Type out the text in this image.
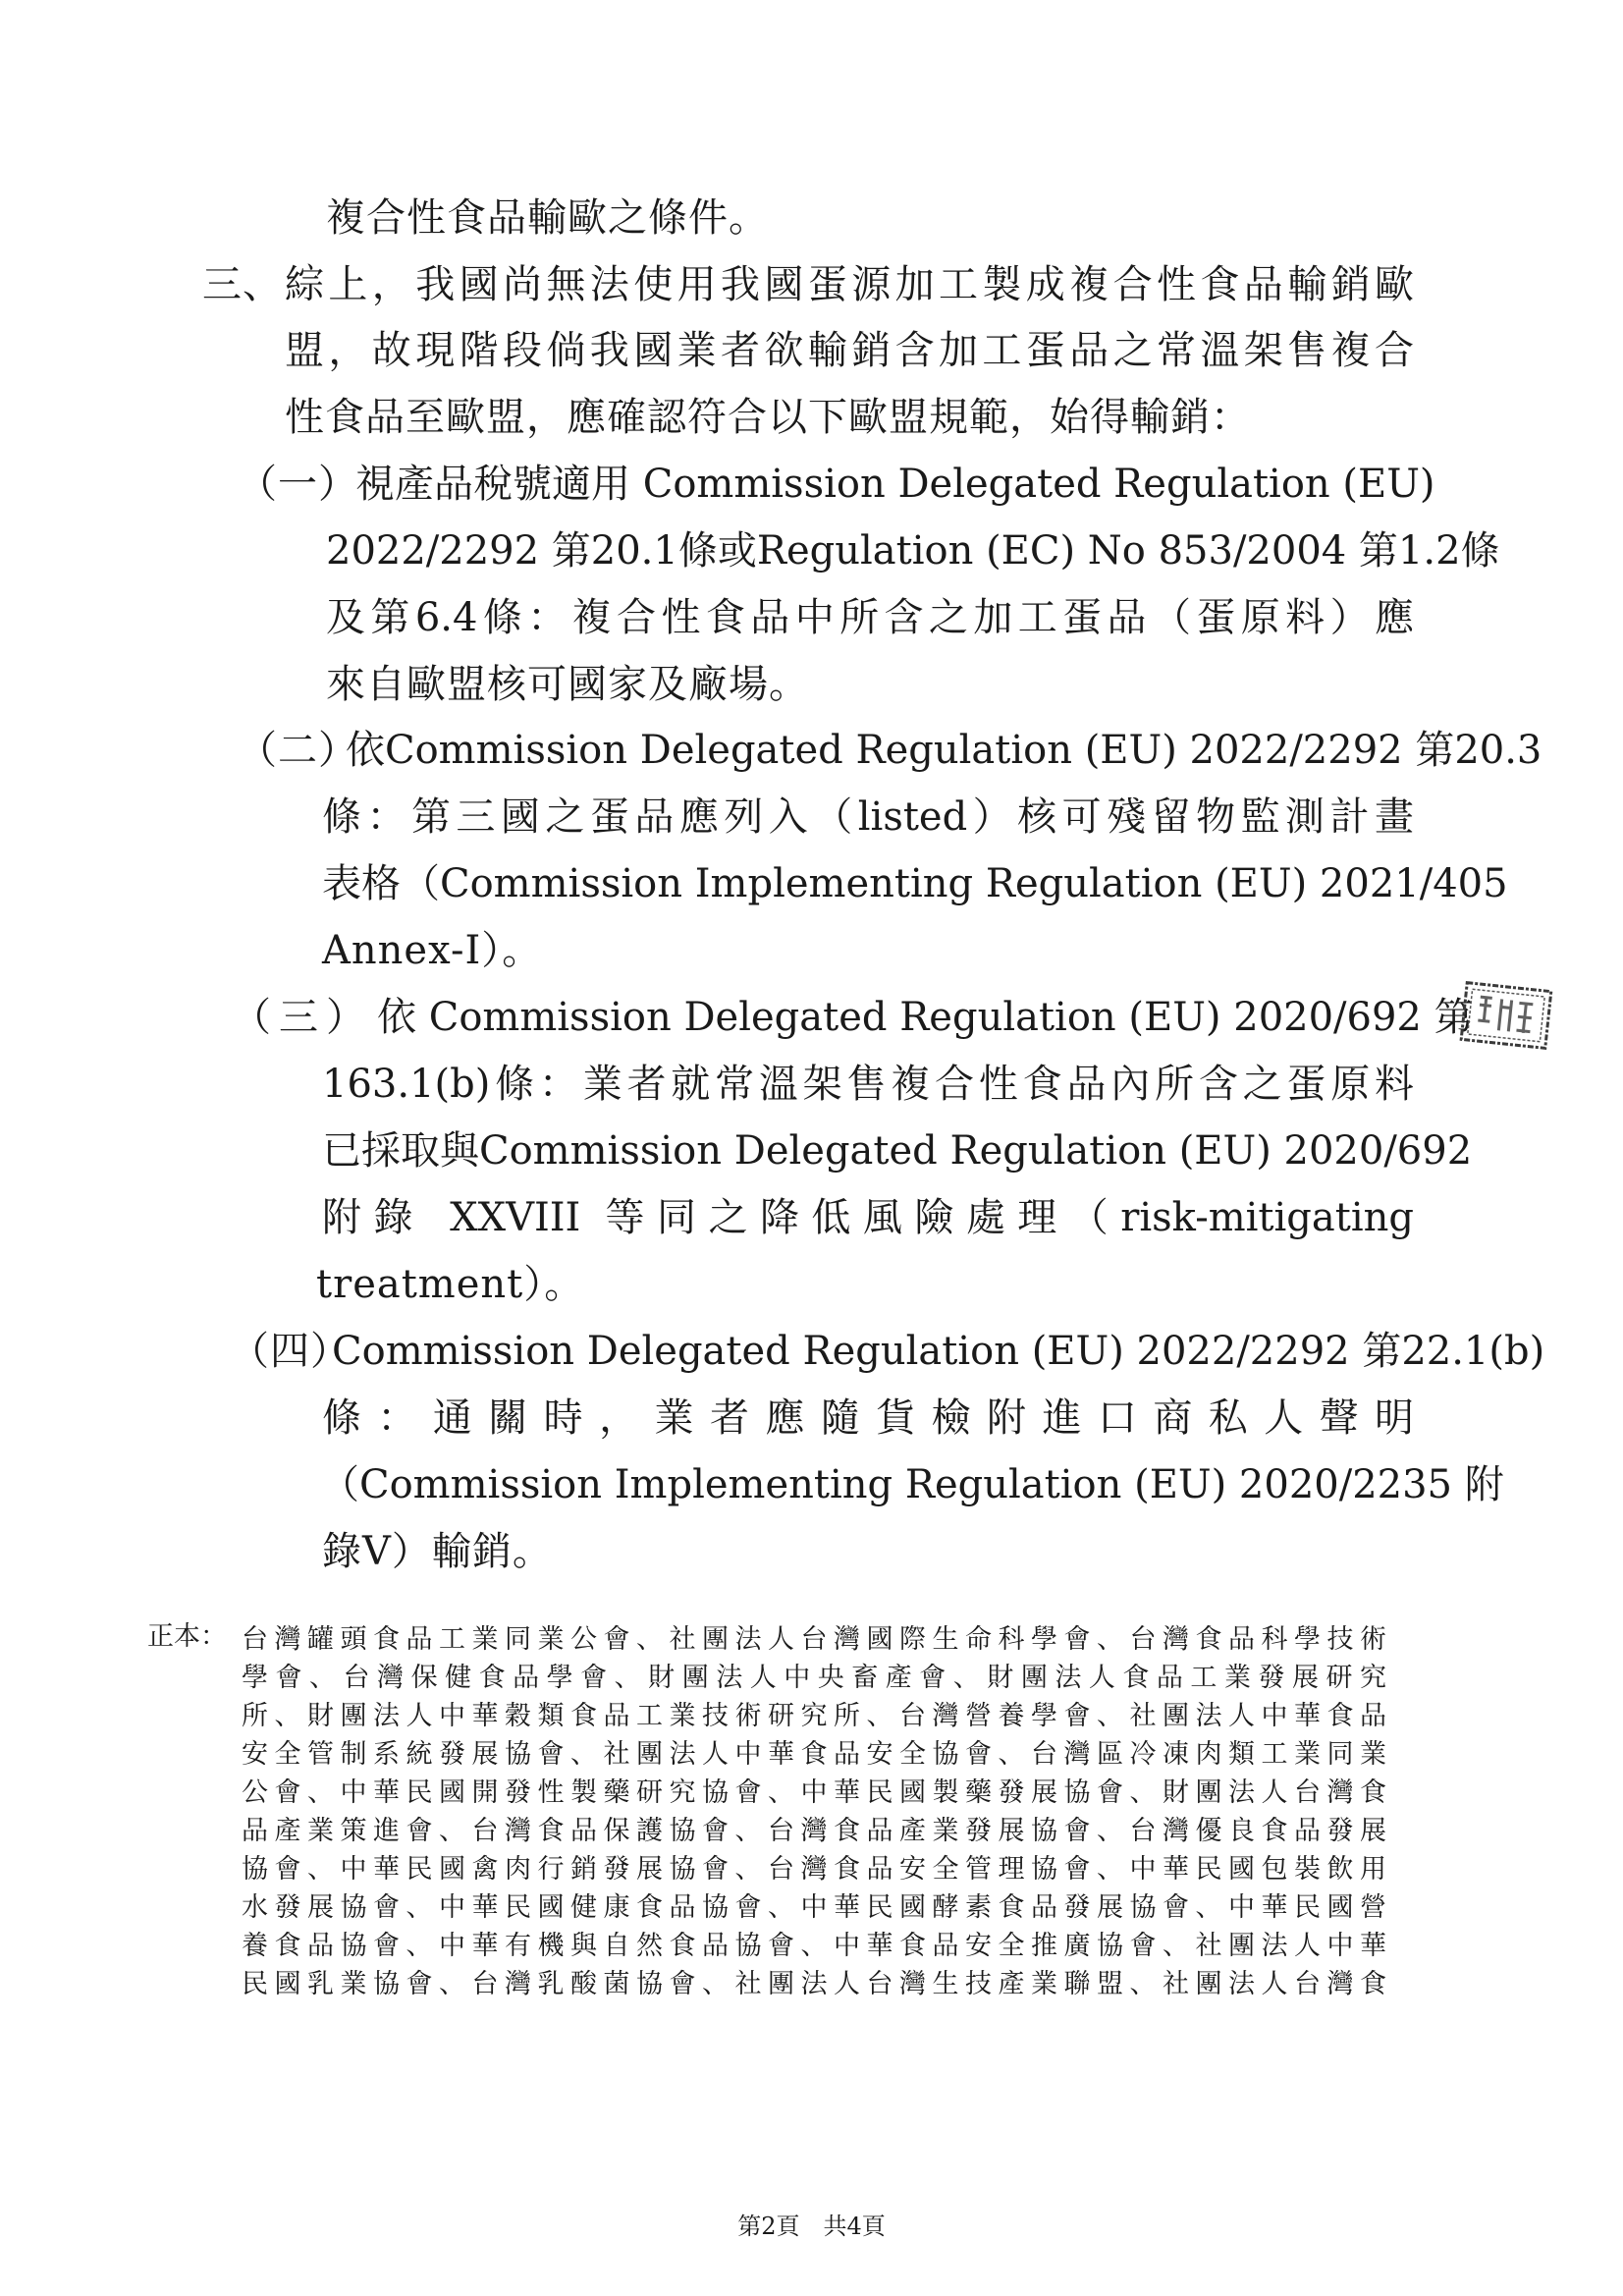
複合性食品輸歐之條件。
三、 綜上，我國尚無法使用我國蛋源加工製成複合性食品輸銷歐
盟，故現階段倘我國業者欲輸銷含加工蛋品之常溫架售複合
性食品至歐盟，應確認符合以下歐盟規範，始得輸銷：
（一）
視產品稅號適用 Commission Delegated Regulation (EU)
2022/2292 第20.1條或Regulation (EC) No 853/2004 第1.2條
及第6.4條：複合性食品中所含之加工蛋品（蛋原料）應
來自歐盟核可國家及廠場。
（二）
依Commission Delegated Regulation (EU) 2022/2292 第20.3
條：第三國之蛋品應列入（listed）核可殘留物監測計畫
表格（Commission Implementing Regulation (EU) 2021/405
Annex-I）。
（三） 依 Commission Delegated Regulation (EU) 2020/692 第
163.1(b)條：業者就常溫架售複合性食品內所含之蛋原料
已採取與Commission Delegated Regulation (EU) 2020/692
附錄 XXVIII 等同之降低風險處理（risk-mitigating
treatment）。
（四）
Commission Delegated Regulation (EU) 2022/2292 第22.1(b)
條：通關時，業者應隨貨檢附進口商私人聲明
（Commission Implementing Regulation (EU) 2020/2235 附
錄V）輸銷。
正本： 台灣罐頭食品工業同業公會、社團法人台灣國際生命科學會、台灣食品科學技術
學會、台灣保健食品學會、財團法人中央畜產會、財團法人食品工業發展研究
所、財團法人中華穀類食品工業技術研究所、台灣營養學會、社團法人中華食品
安全管制系統發展協會、社團法人中華食品安全協會、台灣區冷凍肉類工業同業
公會、中華民國開發性製藥研究協會、中華民國製藥發展協會、財團法人台灣食
品產業策進會、台灣食品保護協會、台灣食品產業發展協會、台灣優良食品發展
協會、中華民國禽肉行銷發展協會、台灣食品安全管理協會、中華民國包裝飲用
水發展協會、中華民國健康食品協會、中華民國酵素食品發展協會、中華民國營
養食品協會、中華有機與自然食品協會、中華食品安全推廣協會、社團法人中華
民國乳業協會、台灣乳酸菌協會、社團法人台灣生技產業聯盟、社團法人台灣食
第2頁　共4頁
